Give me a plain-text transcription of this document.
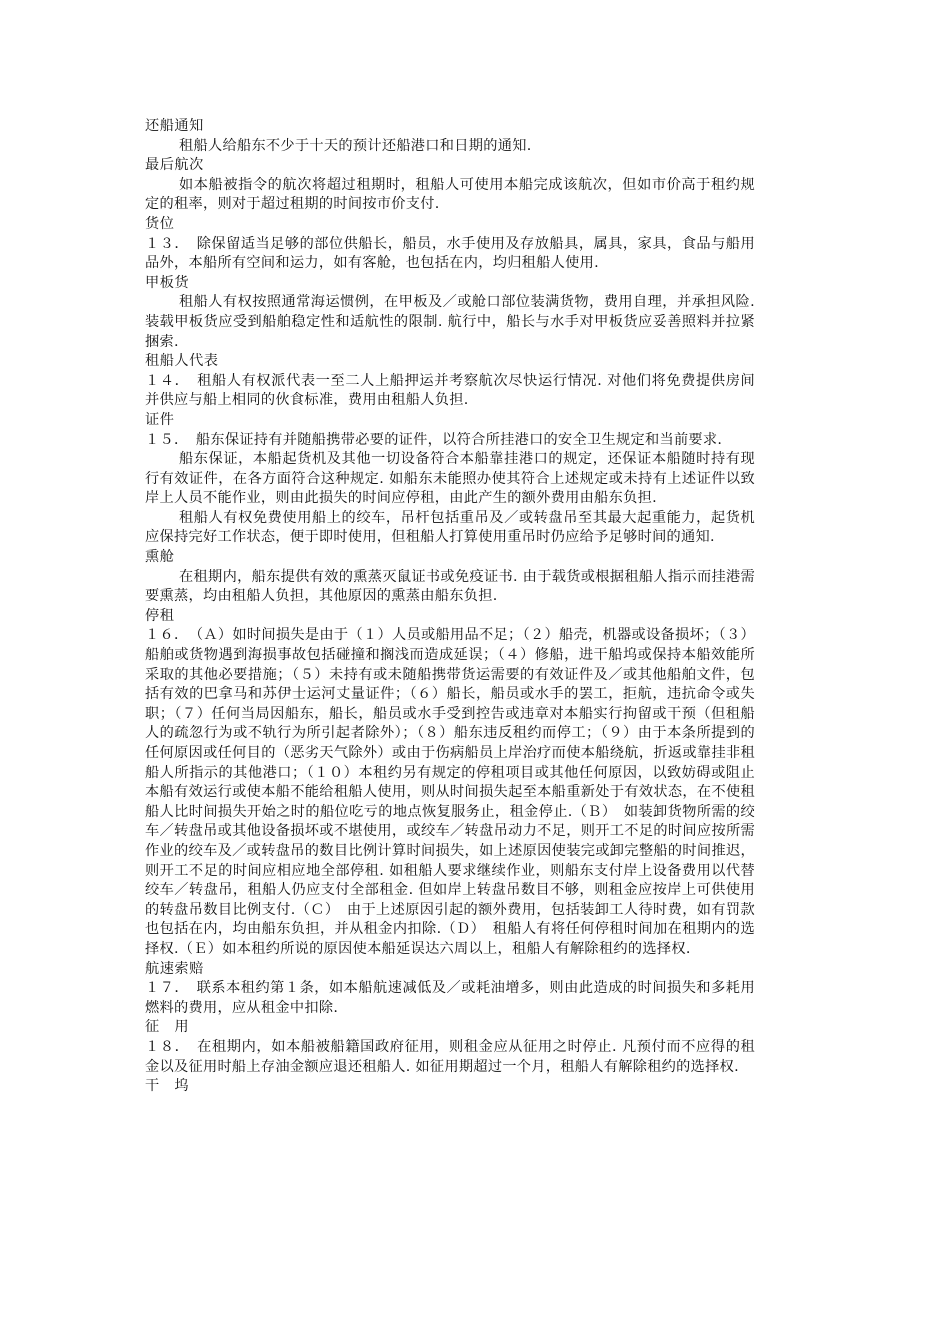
还船通知
租船人给船东不少于十天的预计还船港口和日期的通知.
最后航次
如本船被指令的航次将超过租期时，租船人可使用本船完成该航次，但如市价高于租约规定的租率，则对于超过租期的时间按市价支付.
货位
１３．　除保留适当足够的部位供船长，船员，水手使用及存放船具，属具，家具，食品与船用品外，本船所有空间和运力，如有客舱，也包括在内，均归租船人使用.
甲板货
租船人有权按照通常海运惯例，在甲板及／或舱口部位装满货物，费用自理，并承担风险. 装载甲板货应受到船舶稳定性和适航性的限制. 航行中，船长与水手对甲板货应妥善照料并拉紧捆索.
租船人代表
１４．　租船人有权派代表一至二人上船押运并考察航次尽快运行情况. 对他们将免费提供房间并供应与船上相同的伙食标准，费用由租船人负担.
证件
１５．　船东保证持有并随船携带必要的证件，以符合所挂港口的安全卫生规定和当前要求.
船东保证，本船起货机及其他一切设备符合本船靠挂港口的规定，还保证本船随时持有现行有效证件，在各方面符合这种规定. 如船东未能照办使其符合上述规定或未持有上述证件以致岸上人员不能作业，则由此损失的时间应停租，由此产生的额外费用由船东负担.
租船人有权免费使用船上的绞车，吊杆包括重吊及／或转盘吊至其最大起重能力，起货机应保持完好工作状态，便于即时使用，但租船人打算使用重吊时仍应给予足够时间的通知.
熏舱
在租期内，船东提供有效的熏蒸灭鼠证书或免疫证书. 由于载货或根据租船人指示而挂港需要熏蒸，均由租船人负担，其他原因的熏蒸由船东负担.
停租
１６．　（Ａ）如时间损失是由于（１）人员或船用品不足；（２）船壳，机器或设备损坏；（３）船舶或货物遇到海损事故包括碰撞和搁浅而造成延误；（４）修船，进干船坞或保持本船效能所采取的其他必要措施；（５）未持有或未随船携带货运需要的有效证件及／或其他船舶文件，包括有效的巴拿马和苏伊士运河丈量证件；（６）船长，船员或水手的罢工，拒航，违抗命令或失职；（７）任何当局因船东，船长，船员或水手受到控告或违章对本船实行拘留或干预（但租船人的疏忽行为或不轨行为所引起者除外）；（８）船东违反租约而停工；（９）由于本条所提到的任何原因或任何目的（恶劣天气除外）或由于伤病船员上岸治疗而使本船绕航，折返或靠挂非租船人所指示的其他港口；（１０）本租约另有规定的停租项目或其他任何原因，以致妨碍或阻止本船有效运行或使本船不能给租船人使用，则从时间损失起至本船重新处于有效状态，在不使租船人比时间损失开始之时的船位吃亏的地点恢复服务止，租金停止.（Ｂ）　如装卸货物所需的绞车／转盘吊或其他设备损坏或不堪使用，或绞车／转盘吊动力不足，则开工不足的时间应按所需作业的绞车及／或转盘吊的数目比例计算时间损失，如上述原因使装完或卸完整船的时间推迟，则开工不足的时间应相应地全部停租. 如租船人要求继续作业，则船东支付岸上设备费用以代替绞车／转盘吊，租船人仍应支付全部租金. 但如岸上转盘吊数目不够，则租金应按岸上可供使用的转盘吊数目比例支付.（Ｃ）　由于上述原因引起的额外费用，包括装卸工人待时费，如有罚款也包括在内，均由船东负担，并从租金内扣除.（Ｄ）　租船人有将任何停租时间加在租期内的选择权.（Ｅ）如本租约所说的原因使本船延误达六周以上，租船人有解除租约的选择权.
航速索赔
１７．　联系本租约第１条，如本船航速减低及／或耗油增多，则由此造成的时间损失和多耗用燃料的费用，应从租金中扣除.
征　用
１８．　在租期内，如本船被船籍国政府征用，则租金应从征用之时停止. 凡预付而不应得的租金以及征用时船上存油金额应退还租船人. 如征用期超过一个月，租船人有解除租约的选择权.
干　坞
